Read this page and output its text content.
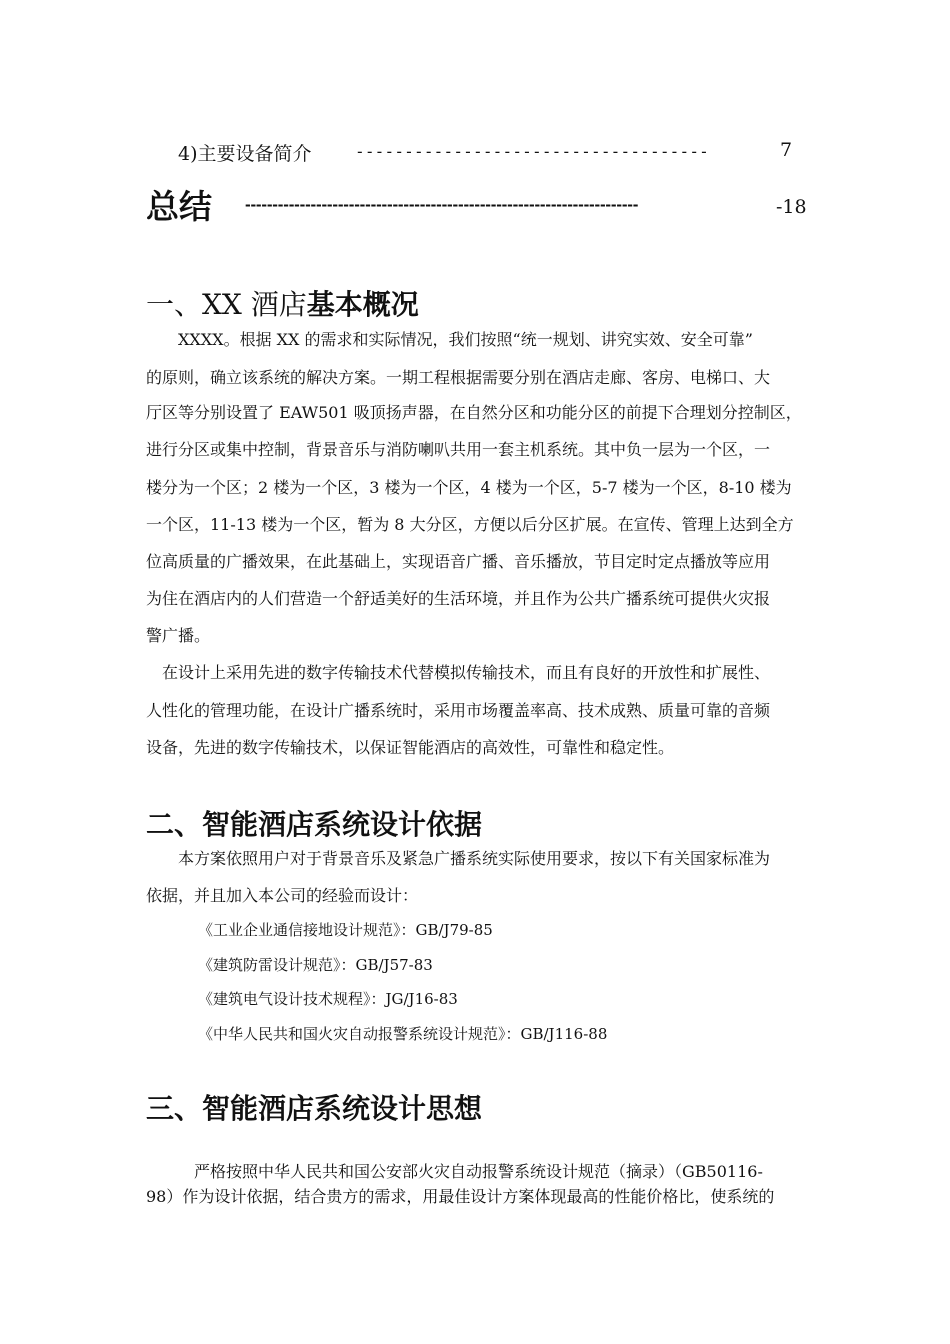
4)主要设备简介	------------------------------------	7
总结 ------------------------------------------------------------------------	-18
一、XX 酒店基本概况
　　XXXX。根据 XX 的需求和实际情况，我们按照“统一规划、讲究实效、安全可靠”
的原则，确立该系统的解决方案。一期工程根据需要分别在酒店走廊、客房、电梯口、大
厅区等分别设置了 EAW501 吸顶扬声器，在自然分区和功能分区的前提下合理划分控制区，
进行分区或集中控制，背景音乐与消防喇叭共用一套主机系统。其中负一层为一个区，一
楼分为一个区；2 楼为一个区，3 楼为一个区，4 楼为一个区，5-7 楼为一个区，8-10 楼为
一个区，11-13 楼为一个区，暂为 8 大分区，方便以后分区扩展。在宣传、管理上达到全方
位高质量的广播效果，在此基础上，实现语音广播、音乐播放，节目定时定点播放等应用
为住在酒店内的人们营造一个舒适美好的生活环境，并且作为公共广播系统可提供火灾报
警广播。
　在设计上采用先进的数字传输技术代替模拟传输技术，而且有良好的开放性和扩展性、
人性化的管理功能，在设计广播系统时，采用市场覆盖率高、技术成熟、质量可靠的音频
设备，先进的数字传输技术，以保证智能酒店的高效性，可靠性和稳定性。
二、智能酒店系统设计依据
　　本方案依照用户对于背景音乐及紧急广播系统实际使用要求，按以下有关国家标准为
依据，并且加入本公司的经验而设计：
《工业企业通信接地设计规范》：GB/J79-85
《建筑防雷设计规范》：GB/J57-83
《建筑电气设计技术规程》：JG/J16-83
《中华人民共和国火灾自动报警系统设计规范》：GB/J116-88
三、智能酒店系统设计思想
　　　严格按照中华人民共和国公安部火灾自动报警系统设计规范（摘录）（GB50116-
98）作为设计依据，结合贵方的需求，用最佳设计方案体现最高的性能价格比，使系统的
